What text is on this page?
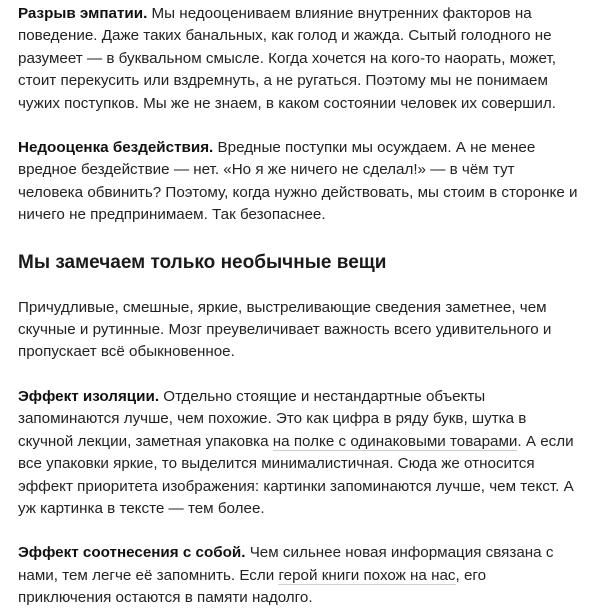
Разрыв эмпатии. Мы недооцениваем влияние внутренних факторов на поведение. Даже таких банальных, как голод и жажда. Сытый голодного не разумеет — в буквальном смысле. Когда хочется на кого-то наорать, может, стоит перекусить или вздремнуть, а не ругаться. Поэтому мы не понимаем чужих поступков. Мы же не знаем, в каком состоянии человек их совершил.

Недооценка бездействия. Вредные поступки мы осуждаем. А не менее вредное бездействие — нет. «Но я же ничего не сделал!» — в чём тут человека обвинить? Поэтому, когда нужно действовать, мы стоим в сторонке и ничего не предпринимаем. Так безопаснее.

Мы замечаем только необычные вещи

Причудливые, смешные, яркие, выстреливающие сведения заметнее, чем скучные и рутинные. Мозг преувеличивает важность всего удивительного и пропускает всё обыкновенное.

Эффект изоляции. Отдельно стоящие и нестандартные объекты запоминаются лучше, чем похожие. Это как цифра в ряду букв, шутка в скучной лекции, заметная упаковка на полке с одинаковыми товарами. А если все упаковки яркие, то выделится минималистичная. Сюда же относится эффект приоритета изображения: картинки запоминаются лучше, чем текст. А уж картинка в тексте — тем более.

Эффект соотнесения с собой. Чем сильнее новая информация связана с нами, тем легче её запомнить. Если герой книги похож на нас, его приключения остаются в памяти надолго.
